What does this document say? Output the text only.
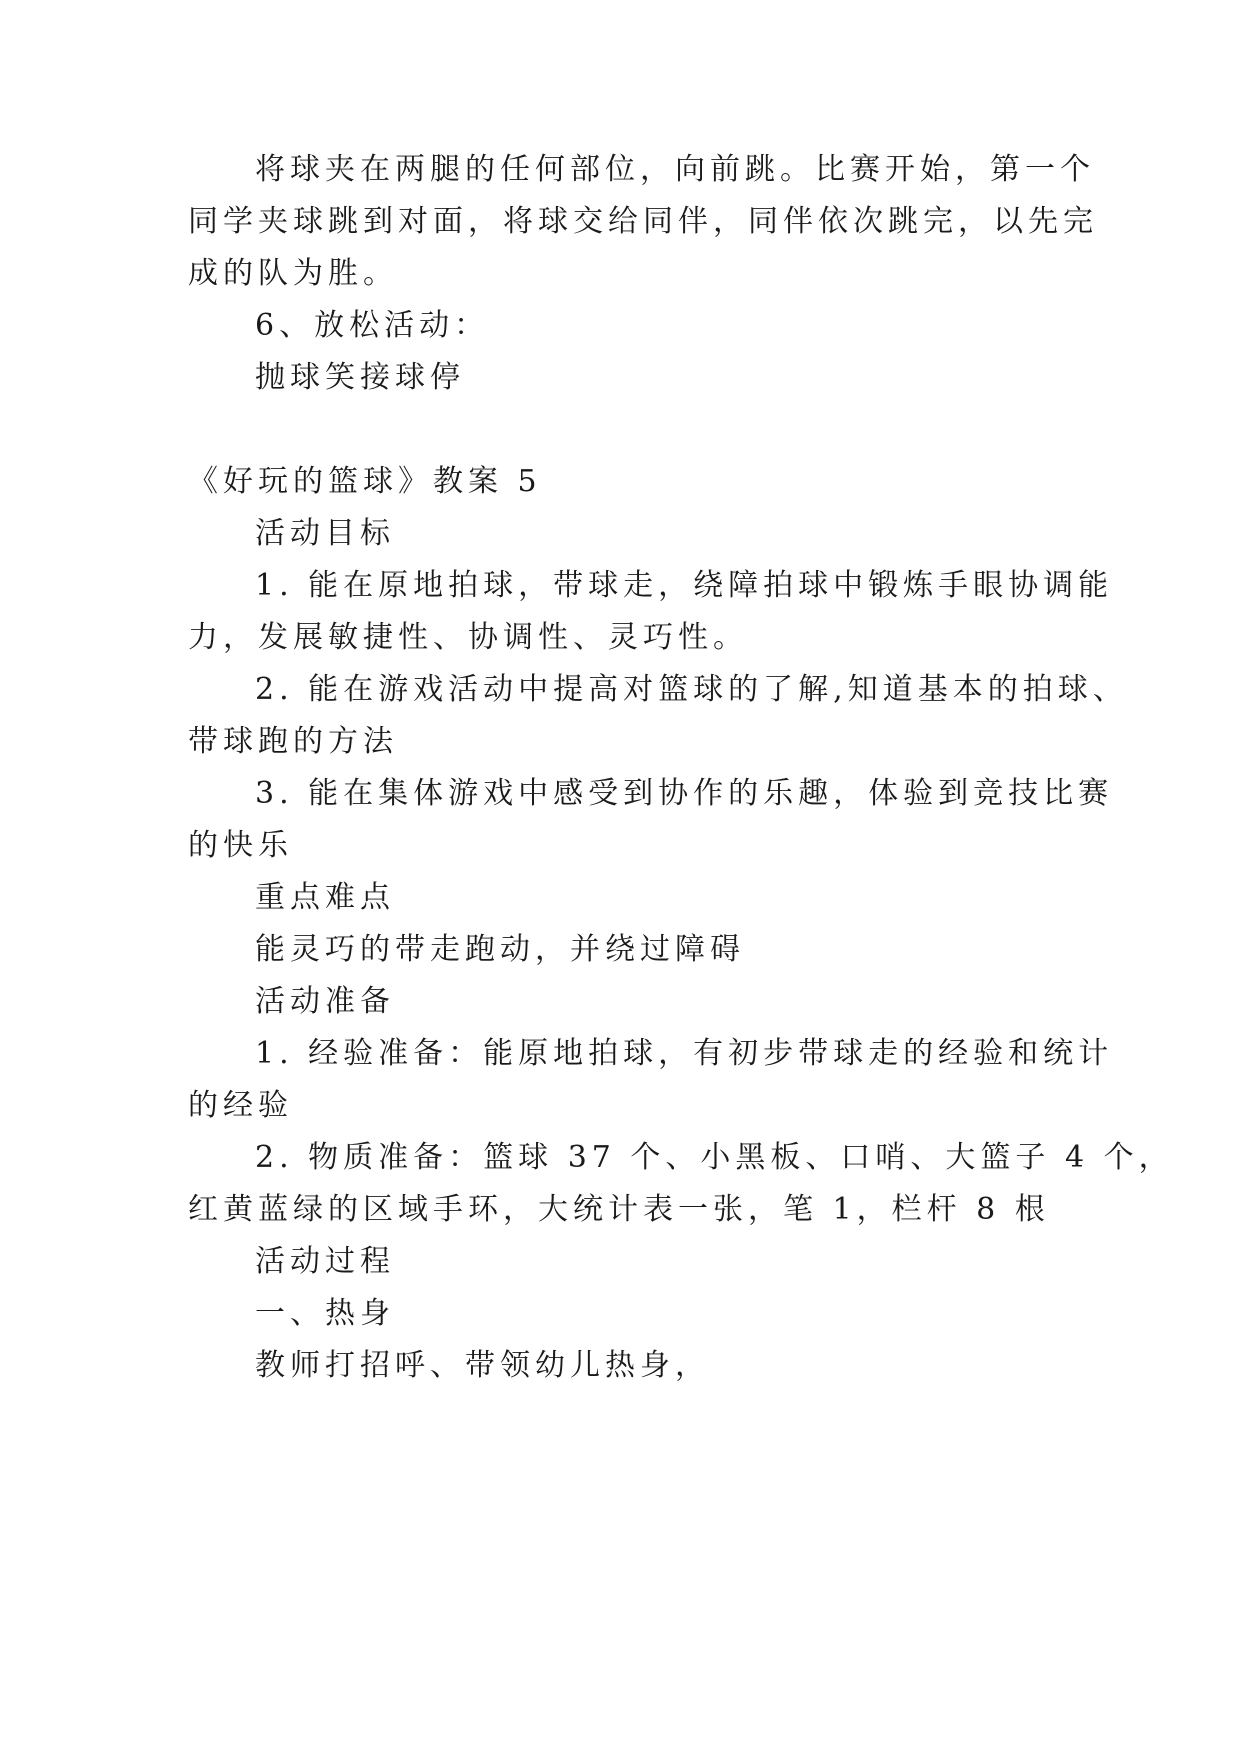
将球夹在两腿的任何部位，向前跳。比赛开始，第一个
同学夹球跳到对面，将球交给同伴，同伴依次跳完，以先完
成的队为胜。
6、放松活动：
抛球笑接球停
《好玩的篮球》教案 5
活动目标
1. 能在原地拍球，带球走，绕障拍球中锻炼手眼协调能
力，发展敏捷性、协调性、灵巧性。
2. 能在游戏活动中提高对篮球的了解,知道基本的拍球、
带球跑的方法
3. 能在集体游戏中感受到协作的乐趣，体验到竞技比赛
的快乐
重点难点
能灵巧的带走跑动，并绕过障碍
活动准备
1. 经验准备：能原地拍球，有初步带球走的经验和统计
的经验
2. 物质准备：篮球 37 个、小黑板、口哨、大篮子 4 个，
红黄蓝绿的区域手环，大统计表一张，笔 1，栏杆 8 根
活动过程
一、热身
教师打招呼、带领幼儿热身，
